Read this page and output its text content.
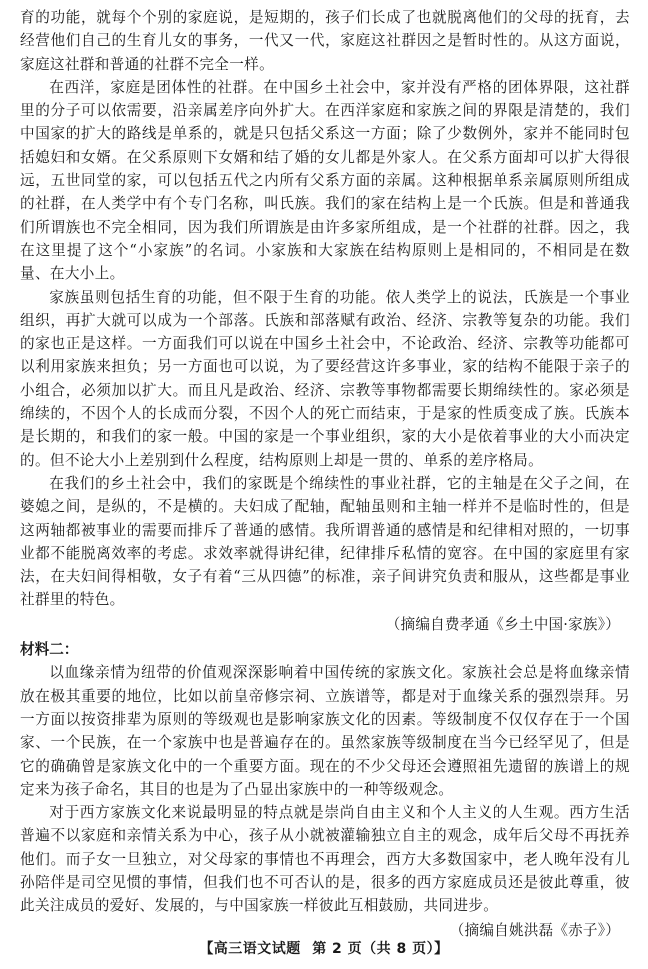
育的功能，就每个个别的家庭说，是短期的，孩子们长成了也就脱离他们的父母的抚育，去经营他们自己的生育儿女的事务，一代又一代，家庭这社群因之是暂时性的。从这方面说，家庭这社群和普通的社群不完全一样。

在西洋，家庭是团体性的社群。在中国乡土社会中，家并没有严格的团体界限，这社群里的分子可以依需要，沿亲属差序向外扩大。在西洋家庭和家族之间的界限是清楚的，我们中国家的扩大的路线是单系的，就是只包括父系这一方面；除了少数例外，家并不能同时包括媳妇和女婿。在父系原则下女婿和结了婚的女儿都是外家人。在父系方面却可以扩大得很远，五世同堂的家，可以包括五代之内所有父系方面的亲属。这种根据单系亲属原则所组成的社群，在人类学中有个专门名称，叫氏族。我们的家在结构上是一个氏族。但是和普通我们所谓族也不完全相同，因为我们所谓族是由许多家所组成，是一个社群的社群。因之，我在这里提了这个“小家族”的名词。小家族和大家族在结构原则上是相同的，不相同是在数量、在大小上。

家族虽则包括生育的功能，但不限于生育的功能。依人类学上的说法，氏族是一个事业组织，再扩大就可以成为一个部落。氏族和部落赋有政治、经济、宗教等复杂的功能。我们的家也正是这样。一方面我们可以说在中国乡土社会中，不论政治、经济、宗教等功能都可以利用家族来担负；另一方面也可以说，为了要经营这许多事业，家的结构不能限于亲子的小组合，必须加以扩大。而且凡是政治、经济、宗教等事物都需要长期绵续性的。家必须是绵续的，不因个人的长成而分裂，不因个人的死亡而结束，于是家的性质变成了族。氏族本是长期的，和我们的家一般。中国的家是一个事业组织，家的大小是依着事业的大小而决定的。但不论大小上差别到什么程度，结构原则上却是一贯的、单系的差序格局。

在我们的乡土社会中，我们的家既是个绵续性的事业社群，它的主轴是在父子之间，在婆媳之间，是纵的，不是横的。夫妇成了配轴，配轴虽则和主轴一样并不是临时性的，但是这两轴都被事业的需要而排斥了普通的感情。我所谓普通的感情是和纪律相对照的，一切事业都不能脱离效率的考虑。求效率就得讲纪律，纪律排斥私情的宽容。在中国的家庭里有家法，在夫妇间得相敬，女子有着“三从四德”的标准，亲子间讲究负责和服从，这些都是事业社群里的特色。

（摘编自费孝通《乡土中国·家族》）

材料二：

以血缘亲情为纽带的价值观深深影响着中国传统的家族文化。家族社会总是将血缘亲情放在极其重要的地位，比如以前皇帝修宗祠、立族谱等，都是对于血缘关系的强烈崇拜。另一方面以按资排辈为原则的等级观也是影响家族文化的因素。等级制度不仅仅存在于一个国家、一个民族，在一个家族中也是普遍存在的。虽然家族等级制度在当今已经罕见了，但是它的确确曾是家族文化中的一个重要方面。现在的不少父母还会遵照祖先遗留的族谱上的规定来为孩子命名，其目的也是为了凸显出家族中的一种等级观念。

对于西方家族文化来说最明显的特点就是崇尚自由主义和个人主义的人生观。西方生活普遍不以家庭和亲情关系为中心，孩子从小就被灌输独立自主的观念，成年后父母不再抚养他们。而子女一旦独立，对父母家的事情也不再理会，西方大多数国家中，老人晚年没有儿孙陪伴是司空见惯的事情，但我们也不可否认的是，很多的西方家庭成员还是彼此尊重，彼此关注成员的爱好、发展的，与中国家族一样彼此互相鼓励，共同进步。

（摘编自姚洪磊《赤子》）

【高三语文试题 第 2 页（共 8 页）】
